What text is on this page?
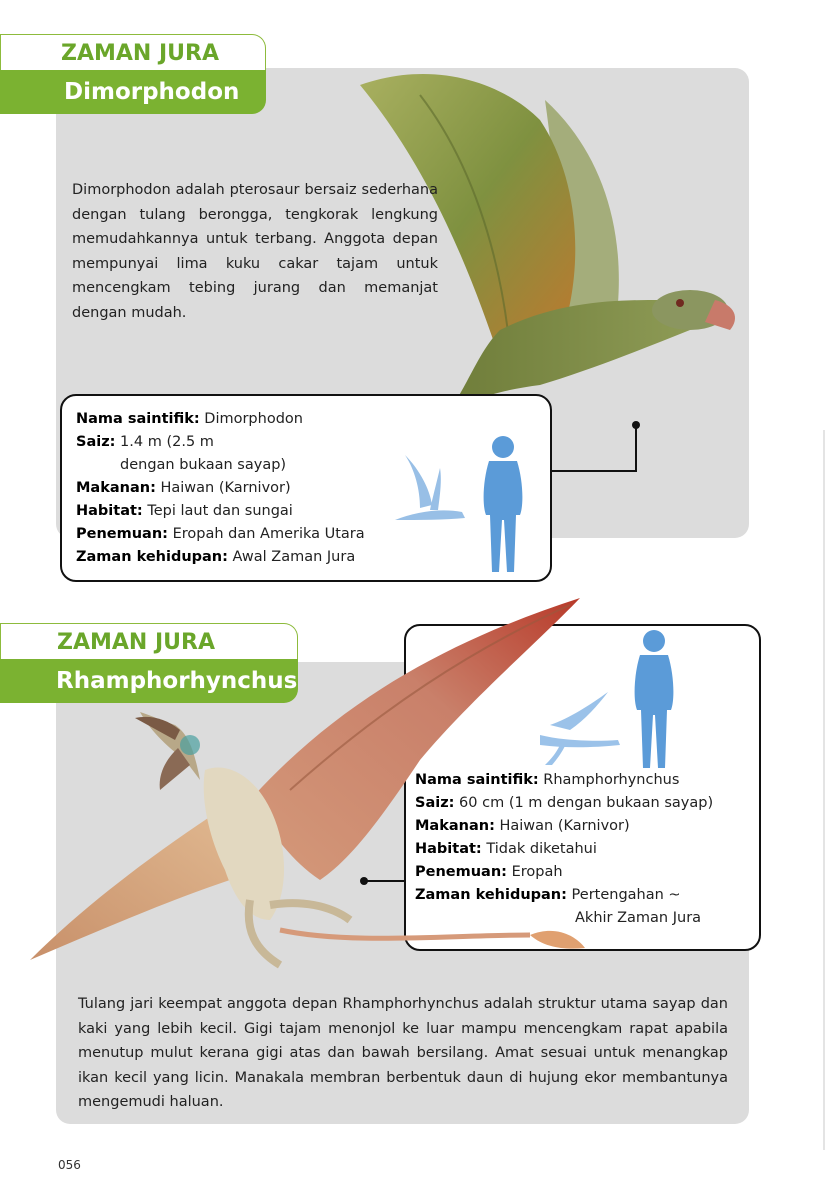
ZAMAN JURA
Dimorphodon
Dimorphodon adalah pterosaur bersaiz sederhana dengan tulang berongga, tengkorak lengkung memudahkannya untuk terbang. Anggota depan mempunyai lima kuku cakar tajam untuk mencengkam tebing jurang dan memanjat dengan mudah.
Nama saintifik: Dimorphodon
Saiz: 1.4 m (2.5 m
dengan bukaan sayap)
Makanan: Haiwan (Karnivor)
Habitat: Tepi laut dan sungai
Penemuan: Eropah dan Amerika Utara
Zaman kehidupan: Awal Zaman Jura
ZAMAN JURA
Rhamphorhynchus
Nama saintifik: Rhamphorhynchus
Saiz: 60 cm (1 m dengan bukaan sayap)
Makanan: Haiwan (Karnivor)
Habitat: Tidak diketahui
Penemuan: Eropah
Zaman kehidupan: Pertengahan ~
Akhir Zaman Jura
Tulang jari keempat anggota depan Rhamphorhynchus adalah struktur utama sayap dan kaki yang lebih kecil. Gigi tajam menonjol ke luar mampu mencengkam rapat apabila menutup mulut kerana gigi atas dan bawah bersilang. Amat sesuai untuk menangkap ikan kecil yang licin. Manakala membran berbentuk daun di hujung ekor membantunya mengemudi haluan.
056
